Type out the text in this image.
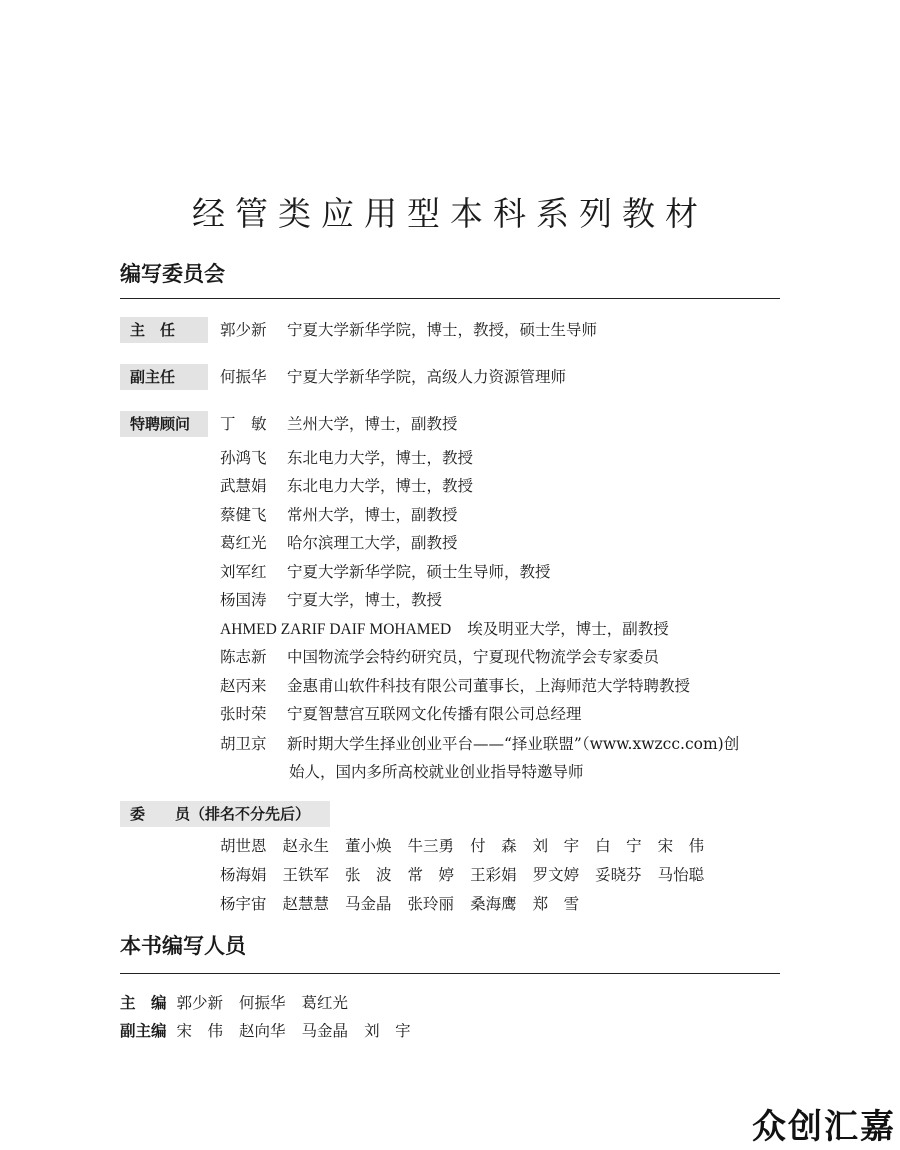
经管类应用型本科系列教材
编写委员会
主　任	郭少新 宁夏大学新华学院，博士，教授，硕士生导师
副主任	何振华 宁夏大学新华学院，高级人力资源管理师
特聘顾问	丁　敏 兰州大学，博士，副教授
孙鸿飞 东北电力大学，博士，教授
武慧娟 东北电力大学，博士，教授
蔡健飞 常州大学，博士，副教授
葛红光 哈尔滨理工大学，副教授
刘军红 宁夏大学新华学院，硕士生导师，教授
杨国涛 宁夏大学，博士，教授
AHMED ZARIF DAIF MOHAMED 埃及明亚大学，博士，副教授
陈志新 中国物流学会特约研究员，宁夏现代物流学会专家委员
赵丙来 金惠甫山软件科技有限公司董事长，上海师范大学特聘教授
张时荣 宁夏智慧宫互联网文化传播有限公司总经理
胡卫京 新时期大学生择业创业平台——“择业联盟”（www.xwzcc.com)创
始人，国内多所高校就业创业指导特邀导师
委　　员（排名不分先后）
胡世恩 赵永生 董小焕 牛三勇 付　森 刘　宇 白　宁 宋　伟
杨海娟 王铁军 张　波 常　婷 王彩娟 罗文婷 妥晓芬 马怡聪
杨宇宙 赵慧慧 马金晶 张玲丽 桑海鹰 郑　雪
本书编写人员
主　编 郭少新 何振华 葛红光
副主编 宋　伟 赵向华 马金晶 刘　宇
众创汇嘉
